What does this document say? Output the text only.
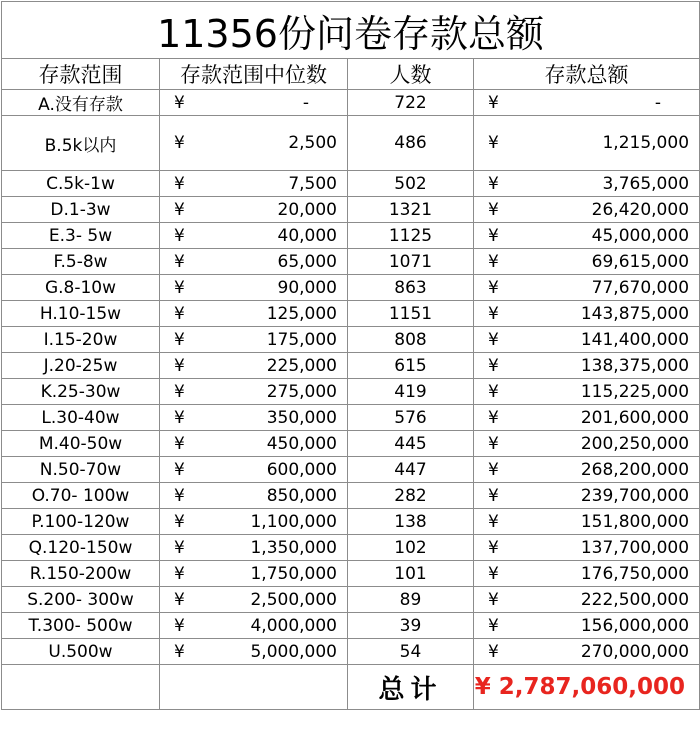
11356份问卷存款总额			
存款范围	存款范围中位数	人数	存款总额
A.没有存款	¥ -	722	¥ -

B.5k以内	¥ 2,500	486	¥ 1,215,000

C.5k-1w	¥ 7,500	502	¥ 3,765,000

D.1-3w	¥ 20,000	1321	¥ 26,420,000

E.3- 5w	¥ 40,000	1125	¥ 45,000,000

F.5-8w	¥ 65,000	1071	¥ 69,615,000

G.8-10w	¥ 90,000	863	¥ 77,670,000

H.10-15w	¥ 125,000	1151	¥ 143,875,000

I.15-20w	¥ 175,000	808	¥ 141,400,000

J.20-25w	¥ 225,000	615	¥ 138,375,000

K.25-30w	¥ 275,000	419	¥ 115,225,000

L.30-40w	¥ 350,000	576	¥ 201,600,000

M.40-50w	¥ 450,000	445	¥ 200,250,000

N.50-70w	¥ 600,000	447	¥ 268,200,000

O.70- 100w	¥ 850,000	282	¥ 239,700,000

P.100-120w	¥ 1,100,000	138	¥ 151,800,000

Q.120-150w	¥ 1,350,000	102	¥ 137,700,000

R.150-200w	¥ 1,750,000	101	¥ 176,750,000

S.200- 300w	¥ 2,500,000	89	¥ 222,500,000

T.300- 500w	¥ 4,000,000	39	¥ 156,000,000

U.500w	¥ 5,000,000	54	¥ 270,000,000

		总计	¥ 2,787,060,000
